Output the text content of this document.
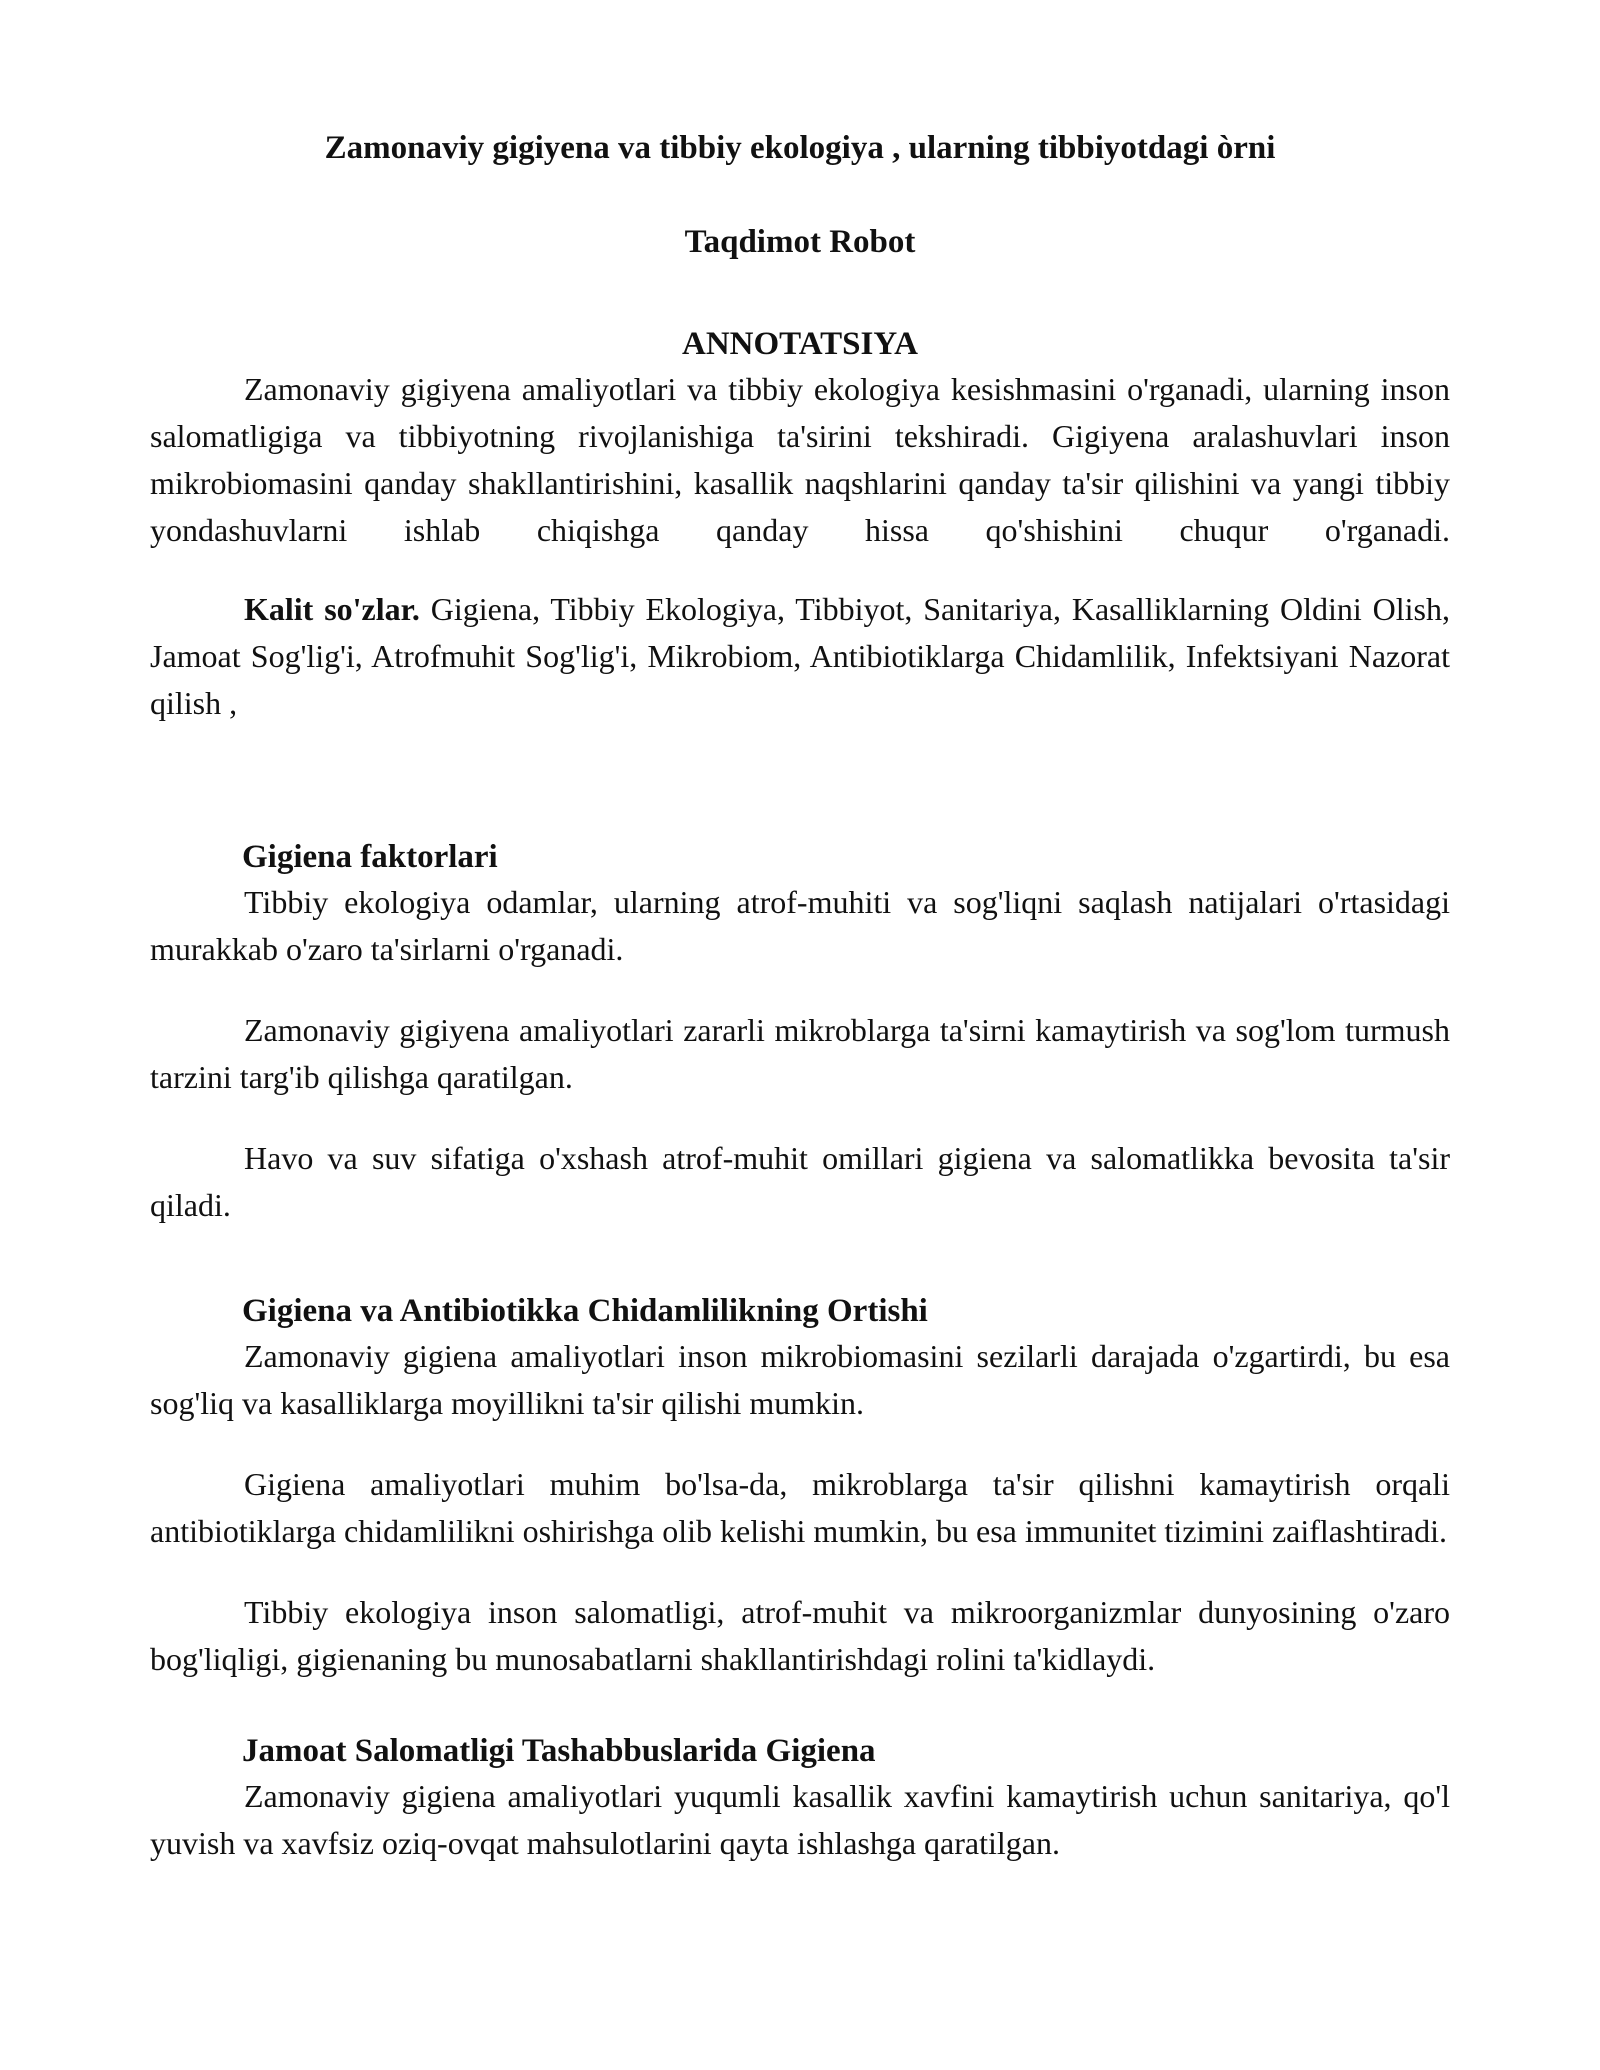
Zamonaviy gigiyena va tibbiy ekologiya , ularning tibbiyotdagi òrni
Taqdimot Robot
ANNOTATSIYA

Zamonaviy gigiyena amaliyotlari va tibbiy ekologiya kesishmasini o'rganadi, ularning inson salomatligiga va tibbiyotning rivojlanishiga ta'sirini tekshiradi. Gigiyena aralashuvlari inson mikrobiomasini qanday shakllantirishini, kasallik naqshlarini qanday ta'sir qilishini va yangi tibbiy yondashuvlarni ishlab chiqishga qanday hissa qo'shishini chuqur o'rganadi.

Kalit so'zlar. Gigiena, Tibbiy Ekologiya, Tibbiyot, Sanitariya, Kasalliklarning Oldini Olish, Jamoat Sog'lig'i, Atrofmuhit Sog'lig'i, Mikrobiom, Antibiotiklarga Chidamlilik, Infektsiyani Nazorat qilish ,

Gigiena faktorlari

Tibbiy ekologiya odamlar, ularning atrof-muhiti va sog'liqni saqlash natijalari o'rtasidagi murakkab o'zaro ta'sirlarni o'rganadi.

Zamonaviy gigiyena amaliyotlari zararli mikroblarga ta'sirni kamaytirish va sog'lom turmush tarzini targ'ib qilishga qaratilgan.

Havo va suv sifatiga o'xshash atrof-muhit omillari gigiena va salomatlikka bevosita ta'sir qiladi.

Gigiena va Antibiotikka Chidamlilikning Ortishi

Zamonaviy gigiena amaliyotlari inson mikrobiomasini sezilarli darajada o'zgartirdi, bu esa sog'liq va kasalliklarga moyillikni ta'sir qilishi mumkin.

Gigiena amaliyotlari muhim bo'lsa-da, mikroblarga ta'sir qilishni kamaytirish orqali antibiotiklarga chidamlilikni oshirishga olib kelishi mumkin, bu esa immunitet tizimini zaiflashtiradi.

Tibbiy ekologiya inson salomatligi, atrof-muhit va mikroorganizmlar dunyosining o'zaro bog'liqligi, gigienaning bu munosabatlarni shakllantirishdagi rolini ta'kidlaydi.

Jamoat Salomatligi Tashabbuslarida Gigiena

Zamonaviy gigiena amaliyotlari yuqumli kasallik xavfini kamaytirish uchun sanitariya, qo'l yuvish va xavfsiz oziq-ovqat mahsulotlarini qayta ishlashga qaratilgan.
